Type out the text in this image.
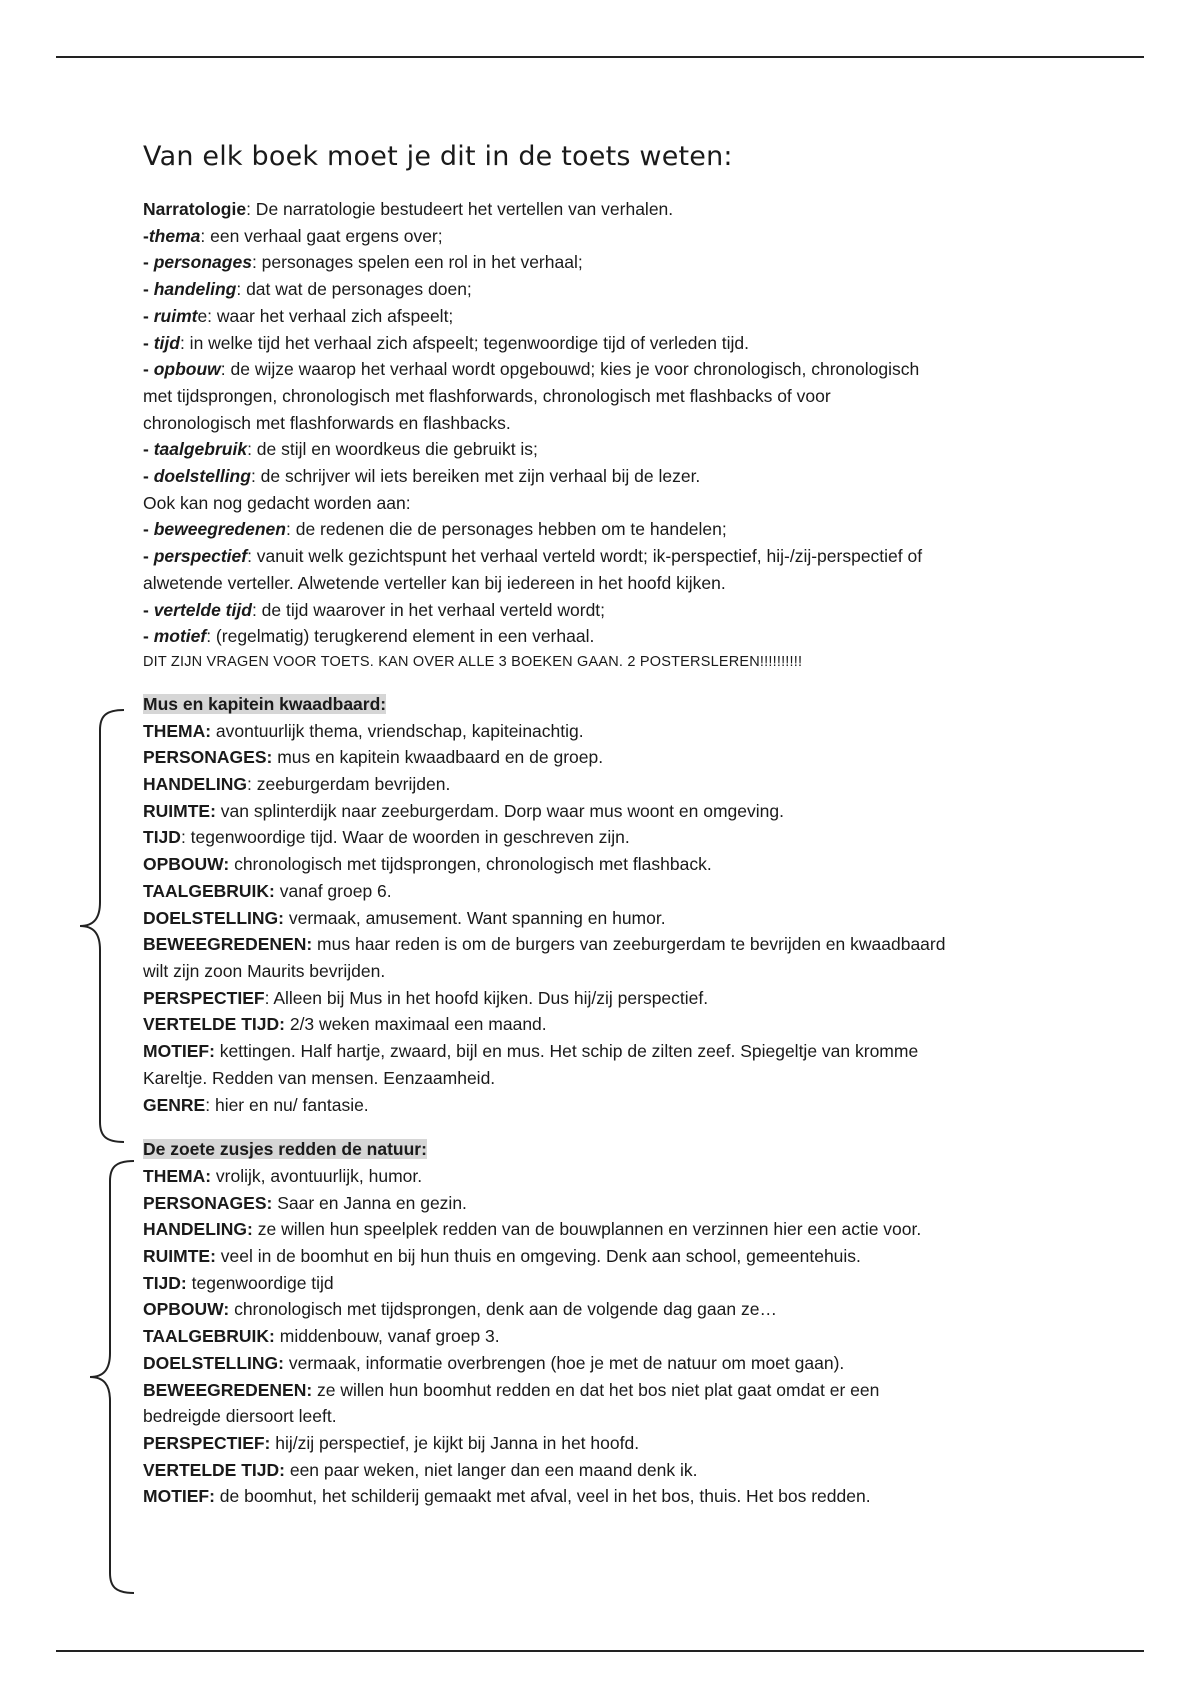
Van elk boek moet je dit in de toets weten:

Narratologie: De narratologie bestudeert het vertellen van verhalen.

-thema: een verhaal gaat ergens over;

- personages: personages spelen een rol in het verhaal;

- handeling: dat wat de personages doen;

- ruimte: waar het verhaal zich afspeelt;

- tijd: in welke tijd het verhaal zich afspeelt; tegenwoordige tijd of verleden tijd.

- opbouw: de wijze waarop het verhaal wordt opgebouwd; kies je voor chronologisch, chronologisch

met tijdsprongen, chronologisch met flashforwards, chronologisch met flashbacks of voor

chronologisch met flashforwards en flashbacks.

- taalgebruik: de stijl en woordkeus die gebruikt is;

- doelstelling: de schrijver wil iets bereiken met zijn verhaal bij de lezer.

Ook kan nog gedacht worden aan:

- beweegredenen: de redenen die de personages hebben om te handelen;

- perspectief: vanuit welk gezichtspunt het verhaal verteld wordt; ik-perspectief, hij-/zij-perspectief of

alwetende verteller. Alwetende verteller kan bij iedereen in het hoofd kijken.

- vertelde tijd: de tijd waarover in het verhaal verteld wordt;

- motief: (regelmatig) terugkerend element in een verhaal.

DIT ZIJN VRAGEN VOOR TOETS. KAN OVER ALLE 3 BOEKEN GAAN. 2 POSTERSLEREN!!!!!!!!!!

Mus en kapitein kwaadbaard:

THEMA: avontuurlijk thema, vriendschap, kapiteinachtig.

PERSONAGES: mus en kapitein kwaadbaard en de groep.

HANDELING: zeeburgerdam bevrijden.

RUIMTE: van splinterdijk naar zeeburgerdam. Dorp waar mus woont en omgeving.

TIJD: tegenwoordige tijd. Waar de woorden in geschreven zijn.

OPBOUW: chronologisch met tijdsprongen, chronologisch met flashback.

TAALGEBRUIK: vanaf groep 6.

DOELSTELLING: vermaak, amusement. Want spanning en humor.

BEWEEGREDENEN: mus haar reden is om de burgers van zeeburgerdam te bevrijden en kwaadbaard

wilt zijn zoon Maurits bevrijden.

PERSPECTIEF: Alleen bij Mus in het hoofd kijken. Dus hij/zij perspectief.

VERTELDE TIJD: 2/3 weken maximaal een maand.

MOTIEF: kettingen. Half hartje, zwaard, bijl en mus. Het schip de zilten zeef. Spiegeltje van kromme

Kareltje. Redden van mensen. Eenzaamheid.

GENRE: hier en nu/ fantasie.

De zoete zusjes redden de natuur:

THEMA: vrolijk, avontuurlijk, humor.

PERSONAGES: Saar en Janna en gezin.

HANDELING: ze willen hun speelplek redden van de bouwplannen en verzinnen hier een actie voor.

RUIMTE: veel in de boomhut en bij hun thuis en omgeving. Denk aan school, gemeentehuis.

TIJD: tegenwoordige tijd

OPBOUW: chronologisch met tijdsprongen, denk aan de volgende dag gaan ze…

TAALGEBRUIK: middenbouw, vanaf groep 3.

DOELSTELLING: vermaak, informatie overbrengen (hoe je met de natuur om moet gaan).

BEWEEGREDENEN: ze willen hun boomhut redden en dat het bos niet plat gaat omdat er een

bedreigde diersoort leeft.

PERSPECTIEF: hij/zij perspectief, je kijkt bij Janna in het hoofd.

VERTELDE TIJD: een paar weken, niet langer dan een maand denk ik.

MOTIEF: de boomhut, het schilderij gemaakt met afval, veel in het bos, thuis. Het bos redden.
